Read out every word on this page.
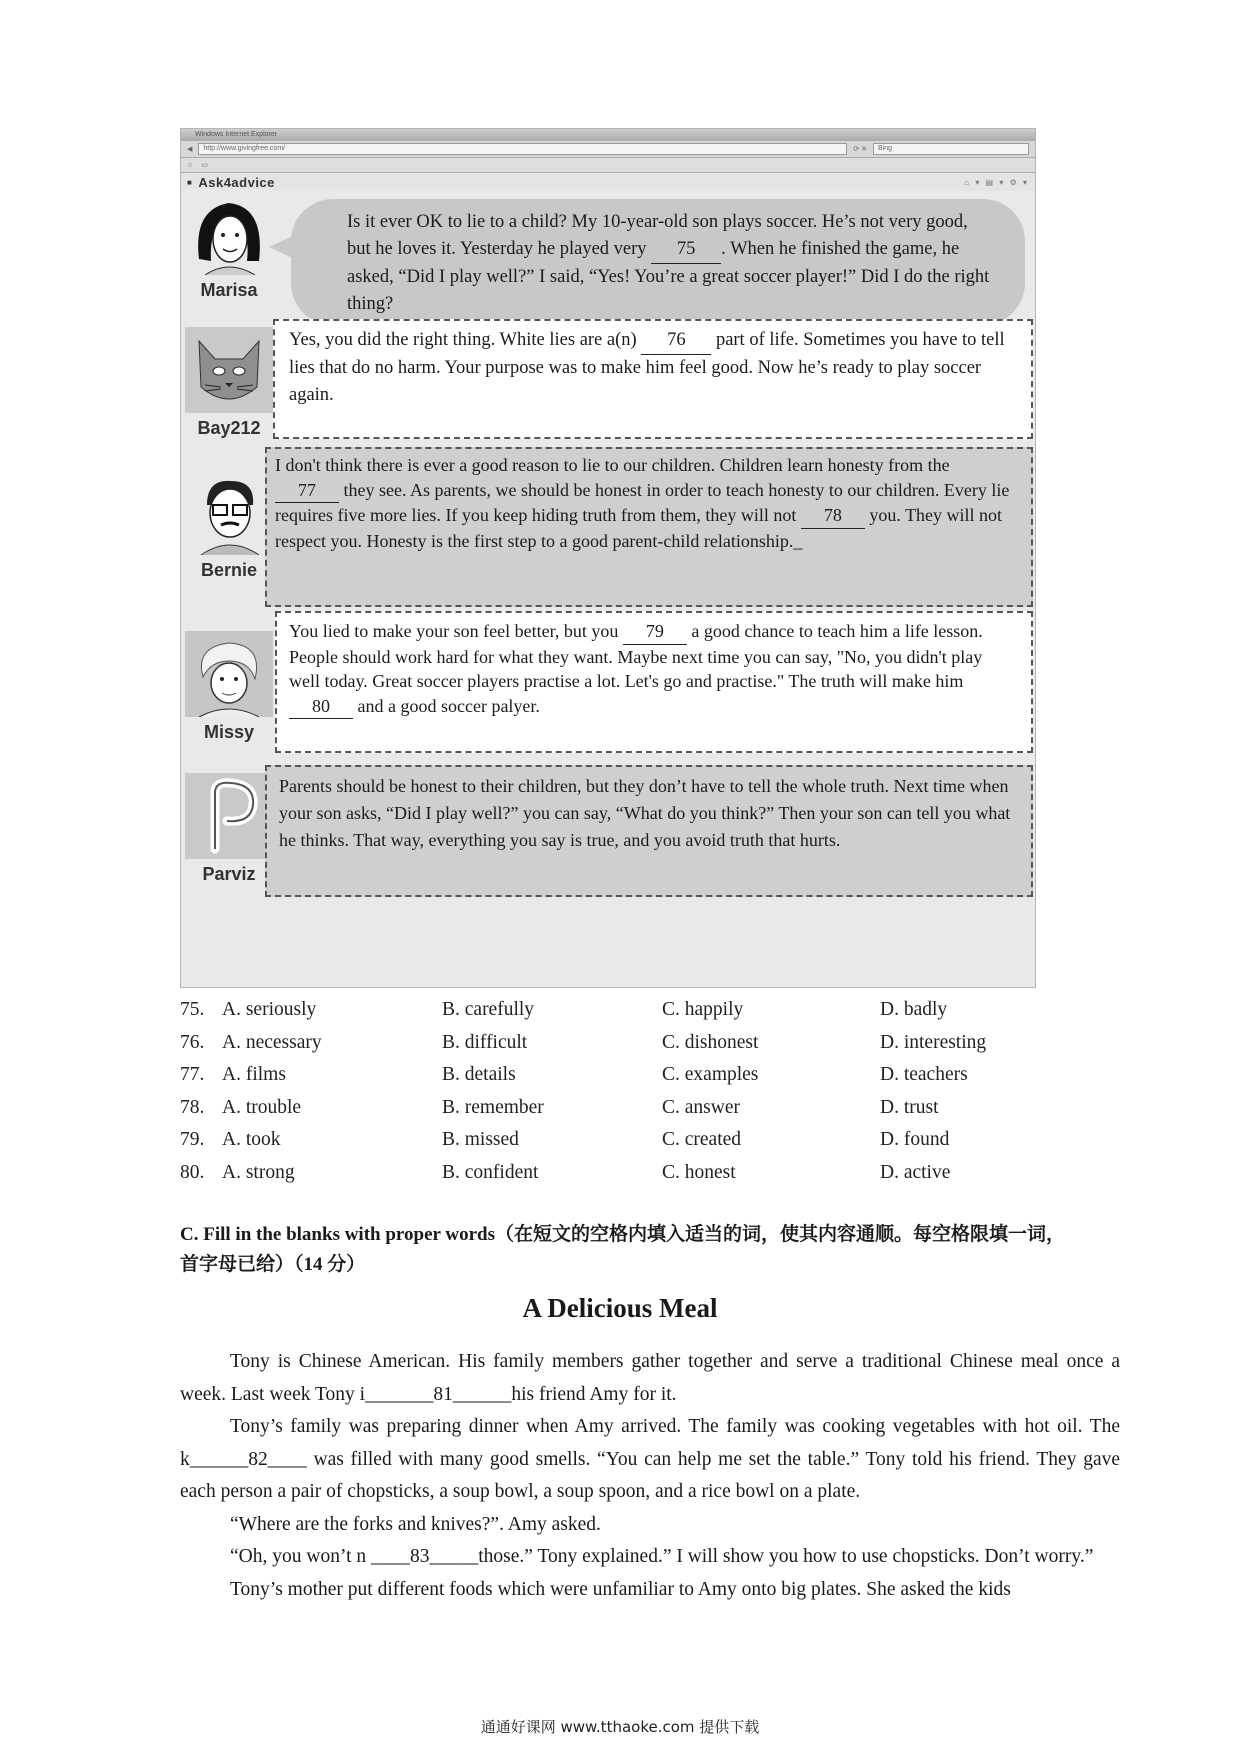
Windows Internet Explorer
◀	http://www.givingfree.com/	⟳ ✕	Bing
☆ ▭
■ Ask4advice	⌂ ▾ ▤ ▾ ⚙ ▾
Marisa
Is it ever OK to lie to a child? My 10-year-old son plays soccer. He’s not very good, but he loves it. Yesterday he played very 75 . When he finished the game, he asked, “Did I play well?” I said, “Yes! You’re a great soccer player!” Did I do the right thing?
Bay212
Yes, you did the right thing. White lies are a(n) 76 part of life. Sometimes you have to tell lies that do no harm. Your purpose was to make him feel good. Now he’s ready to play soccer again.
Bernie
I don't think there is ever a good reason to lie to our children. Children learn honesty from the 77 they see. As parents, we should be honest in order to teach honesty to our children. Every lie requires five more lies. If you keep hiding truth from them, they will not 78 you. They will not respect you. Honesty is the first step to a good parent-child relationship._
Missy
You lied to make your son feel better, but you 79 a good chance to teach him a life lesson. People should work hard for what they want. Maybe next time you can say, "No, you didn't play well today. Great soccer players practise a lot. Let's go and practise." The truth will make him 80 and a good soccer palyer.
Parviz
Parents should be honest to their children, but they don’t have to tell the whole truth. Next time when your son asks, “Did I play well?” you can say, “What do you think?” Then your son can tell you what he thinks. That way, everything you say is true, and you avoid truth that hurts.
75. A. seriously	B. carefully	C. happily	D. badly
76. A. necessary	B. difficult	C. dishonest	D. interesting
77. A. films	B. details	C. examples	D. teachers
78. A. trouble	B. remember	C. answer	D. trust
79. A. took	B. missed	C. created	D. found
80. A. strong	B. confident	C. honest	D. active
C. Fill in the blanks with proper words（在短文的空格内填入适当的词，使其内容通顺。每空格限填一词，首字母已给）（14 分）
A Delicious Meal

Tony is Chinese American. His family members gather together and serve a traditional Chinese meal once a week. Last week Tony i_______81______his friend Amy for it.

Tony’s family was preparing dinner when Amy arrived. The family was cooking vegetables with hot oil. The k______82____ was filled with many good smells. “You can help me set the table.” Tony told his friend. They gave each person a pair of chopsticks, a soup bowl, a soup spoon, and a rice bowl on a plate.

“Where are the forks and knives?”. Amy asked.

“Oh, you won’t n ____83_____those.” Tony explained.” I will show you how to use chopsticks. Don’t worry.”

Tony’s mother put different foods which were unfamiliar to Amy onto big plates. She asked the kids

通通好课网 www.tthaoke.com 提供下载
